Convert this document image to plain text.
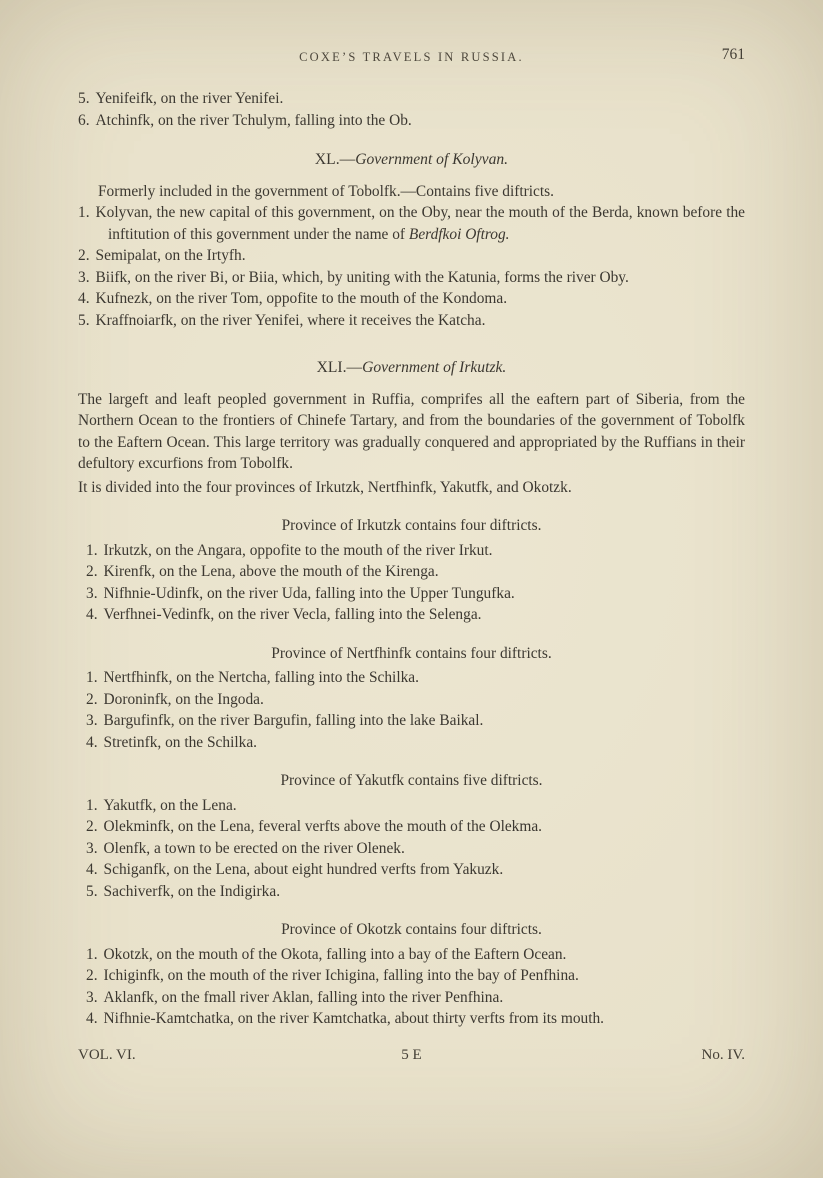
COXE’S TRAVELS IN RUSSIA.	761
5. Yenifeifk, on the river Yenifei.
6. Atchinfk, on the river Tchulym, falling into the Ob.
XL.—Government of Kolyvan.

Formerly included in the government of Tobolfk.—Contains five diftricts.

1. Kolyvan, the new capital of this government, on the Oby, near the mouth of the Berda, known before the inftitution of this government under the name of Berdfkoi Oftrog.
2. Semipalat, on the Irtyfh.
3. Biifk, on the river Bi, or Biia, which, by uniting with the Katunia, forms the river Oby.
4. Kufnezk, on the river Tom, oppofite to the mouth of the Kondoma.
5. Kraffnoiarfk, on the river Yenifei, where it receives the Katcha.
XLI.—Government of Irkutzk.

The largeft and leaft peopled government in Ruffia, comprifes all the eaftern part of Siberia, from the Northern Ocean to the frontiers of Chinefe Tartary, and from the boundaries of the government of Tobolfk to the Eaftern Ocean. This large territory was gradually conquered and appropriated by the Ruffians in their defultory excurfions from Tobolfk.

It is divided into the four provinces of Irkutzk, Nertfhinfk, Yakutfk, and Okotzk.

Province of Irkutzk contains four diftricts.
1. Irkutzk, on the Angara, oppofite to the mouth of the river Irkut.
2. Kirenfk, on the Lena, above the mouth of the Kirenga.
3. Nifhnie-Udinfk, on the river Uda, falling into the Upper Tungufka.
4. Verfhnei-Vedinfk, on the river Vecla, falling into the Selenga.
Province of Nertfhinfk contains four diftricts.
1. Nertfhinfk, on the Nertcha, falling into the Schilka.
2. Doroninfk, on the Ingoda.
3. Bargufinfk, on the river Bargufin, falling into the lake Baikal.
4. Stretinfk, on the Schilka.
Province of Yakutfk contains five diftricts.
1. Yakutfk, on the Lena.
2. Olekminfk, on the Lena, feveral verfts above the mouth of the Olekma.
3. Olenfk, a town to be erected on the river Olenek.
4. Schiganfk, on the Lena, about eight hundred verfts from Yakuzk.
5. Sachiverfk, on the Indigirka.
Province of Okotzk contains four diftricts.
1. Okotzk, on the mouth of the Okota, falling into a bay of the Eaftern Ocean.
2. Ichiginfk, on the mouth of the river Ichigina, falling into the bay of Penfhina.
3. Aklanfk, on the fmall river Aklan, falling into the river Penfhina.
4. Nifhnie-Kamtchatka, on the river Kamtchatka, about thirty verfts from its mouth.
VOL. VI.	5 E	No. IV.
